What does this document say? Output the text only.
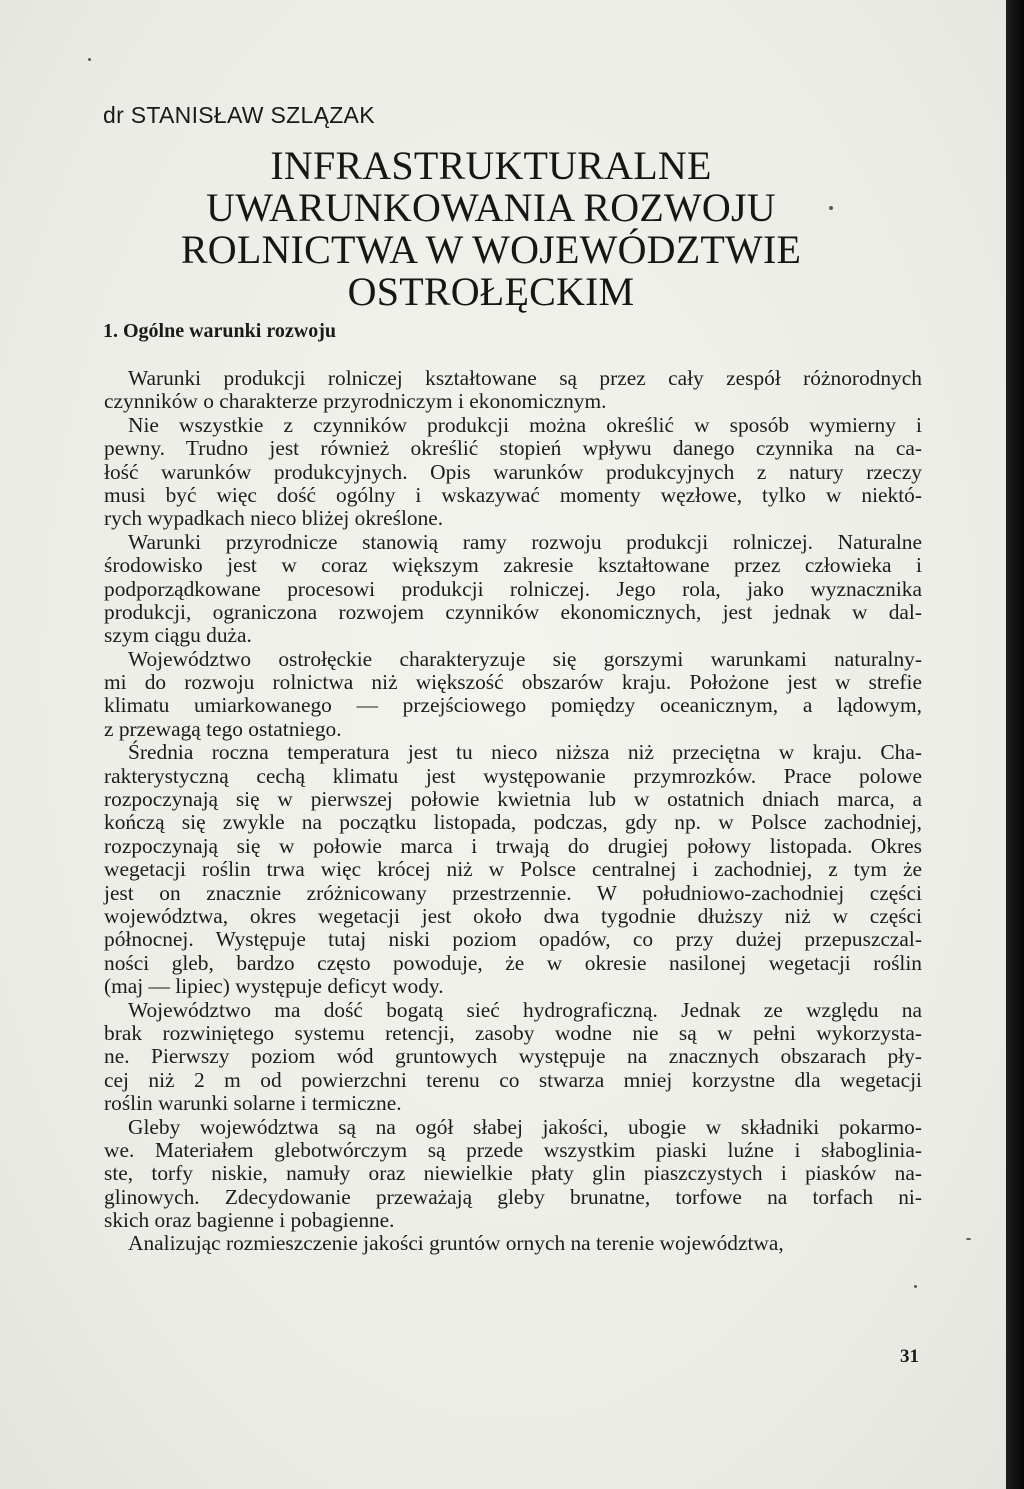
dr STANISŁAW SZLĄZAK
INFRASTRUKTURALNE
UWARUNKOWANIA ROZWOJU
ROLNICTWA W WOJEWÓDZTWIE
OSTROŁĘCKIM
1. Ogólne warunki rozwoju
Warunki produkcji rolniczej kształtowane są przez cały zespół różnorodnych
czynników o charakterze przyrodniczym i ekonomicznym.
Nie wszystkie z czynników produkcji można określić w sposób wymierny i
pewny. Trudno jest również określić stopień wpływu danego czynnika na ca-
łość warunków produkcyjnych. Opis warunków produkcyjnych z natury rzeczy
musi być więc dość ogólny i wskazywać momenty węzłowe, tylko w niektó-
rych wypadkach nieco bliżej określone.
Warunki przyrodnicze stanowią ramy rozwoju produkcji rolniczej. Naturalne
środowisko jest w coraz większym zakresie kształtowane przez człowieka i
podporządkowane procesowi produkcji rolniczej. Jego rola, jako wyznacznika
produkcji, ograniczona rozwojem czynników ekonomicznych, jest jednak w dal-
szym ciągu duża.
Województwo ostrołęckie charakteryzuje się gorszymi warunkami naturalny-
mi do rozwoju rolnictwa niż większość obszarów kraju. Położone jest w strefie
klimatu umiarkowanego — przejściowego pomiędzy oceanicznym, a lądowym,
z przewagą tego ostatniego.
Średnia roczna temperatura jest tu nieco niższa niż przeciętna w kraju. Cha-
rakterystyczną cechą klimatu jest występowanie przymrozków. Prace polowe
rozpoczynają się w pierwszej połowie kwietnia lub w ostatnich dniach marca, a
kończą się zwykle na początku listopada, podczas, gdy np. w Polsce zachodniej,
rozpoczynają się w połowie marca i trwają do drugiej połowy listopada. Okres
wegetacji roślin trwa więc krócej niż w Polsce centralnej i zachodniej, z tym że
jest on znacznie zróżnicowany przestrzennie. W południowo-zachodniej części
województwa, okres wegetacji jest około dwa tygodnie dłuższy niż w części
północnej. Występuje tutaj niski poziom opadów, co przy dużej przepuszczal-
ności gleb, bardzo często powoduje, że w okresie nasilonej wegetacji roślin
(maj — lipiec) występuje deficyt wody.
Województwo ma dość bogatą sieć hydrograficzną. Jednak ze względu na
brak rozwiniętego systemu retencji, zasoby wodne nie są w pełni wykorzysta-
ne. Pierwszy poziom wód gruntowych występuje na znacznych obszarach pły-
cej niż 2 m od powierzchni terenu co stwarza mniej korzystne dla wegetacji
roślin warunki solarne i termiczne.
Gleby województwa są na ogół słabej jakości, ubogie w składniki pokarmo-
we. Materiałem glebotwórczym są przede wszystkim piaski luźne i słaboglinia-
ste, torfy niskie, namuły oraz niewielkie płaty glin piaszczystych i piasków na-
glinowych. Zdecydowanie przeważają gleby brunatne, torfowe na torfach ni-
skich oraz bagienne i pobagienne.
Analizując rozmieszczenie jakości gruntów ornych na terenie województwa,
31
